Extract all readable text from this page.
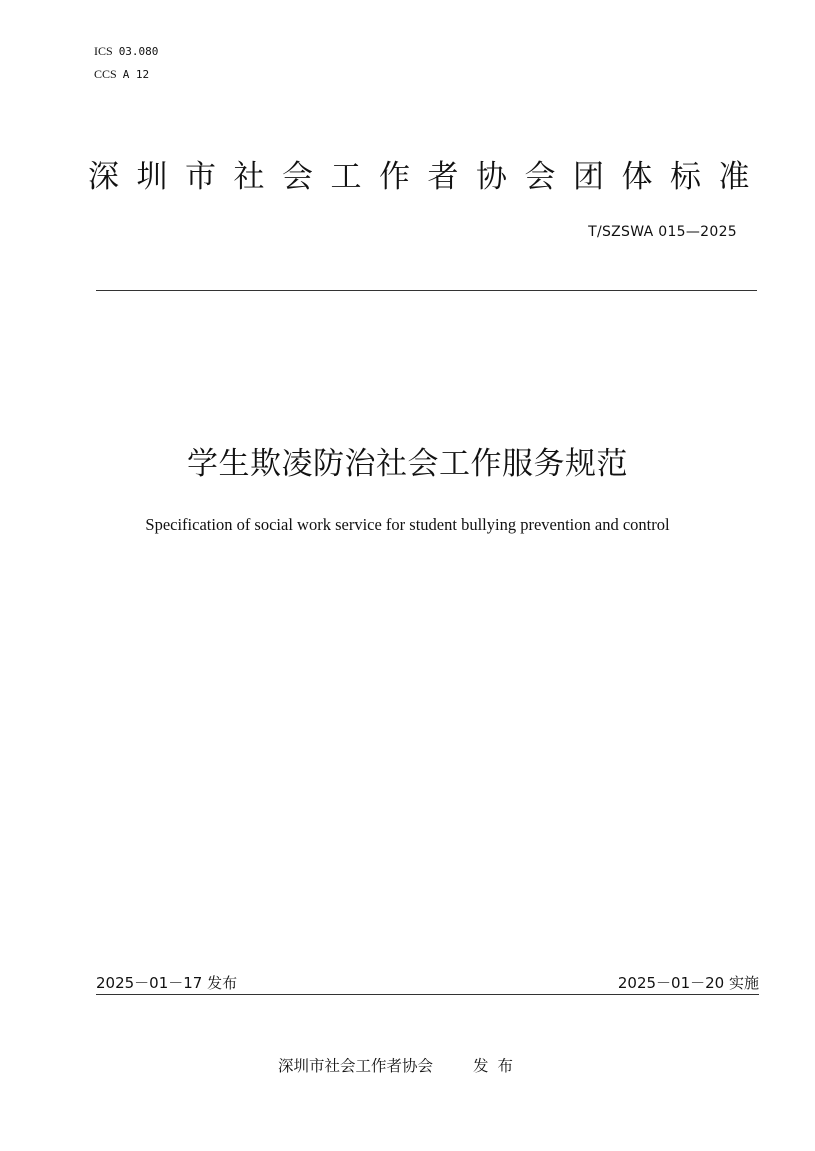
ICS 03.080
CCS A 12
深圳市社会工作者协会团体标准
T/SZSWA 015—2025
学生欺凌防治社会工作服务规范
Specification of social work service for student bullying prevention and control
2025－01－17 发布	2025－01－20 实施
深圳市社会工作者协会	发布
